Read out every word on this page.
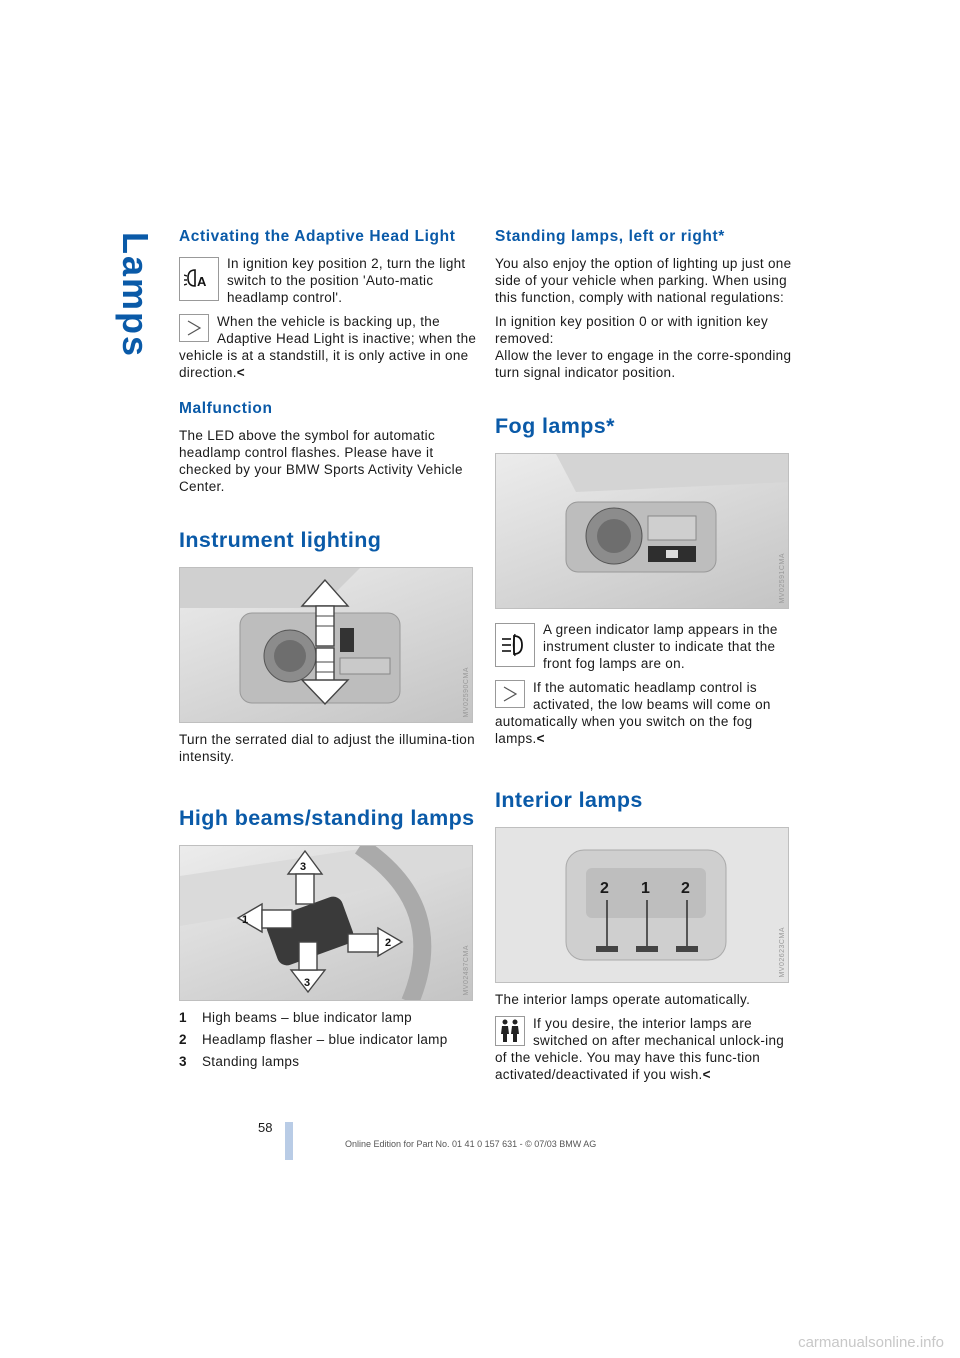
Lamps Activating the Adaptive Head Light
A

In ignition key position 2, turn the light switch to the position 'Auto-matic headlamp control'.

When the vehicle is backing up, the Adaptive Head Light is inactive; when the vehicle is at a standstill, it is only active in one direction.<

Malfunction

The LED above the symbol for automatic headlamp control flashes. Please have it checked by your BMW Sports Activity Vehicle Center.

Instrument lighting
MV02590CMA

Turn the serrated dial to adjust the illumina-tion intensity.

High beams/standing lamps
3
1
2
3	MV02487CMA
1 High beams – blue indicator lamp
2 Headlamp flasher – blue indicator lamp
3 Standing lamps
Standing lamps, left or right*

You also enjoy the option of lighting up just one side of your vehicle when parking. When using this function, comply with national regulations:

In ignition key position 0 or with ignition key removed:

Allow the lever to engage in the corre-sponding turn signal indicator position.

Fog lamps*
MV02591CMA

A green indicator lamp appears in the instrument cluster to indicate that the front fog lamps are on.

If the automatic headlamp control is activated, the low beams will come on automatically when you switch on the fog lamps.<

Interior lamps
2 1 2
MV02623CMA

The interior lamps operate automatically.

If you desire, the interior lamps are switched on after mechanical unlock-ing of the vehicle. You may have this func-tion activated/deactivated if you wish.<

58
Online Edition for Part No. 01 41 0 157 631 - © 07/03 BMW AG
carmanualsonline.info
